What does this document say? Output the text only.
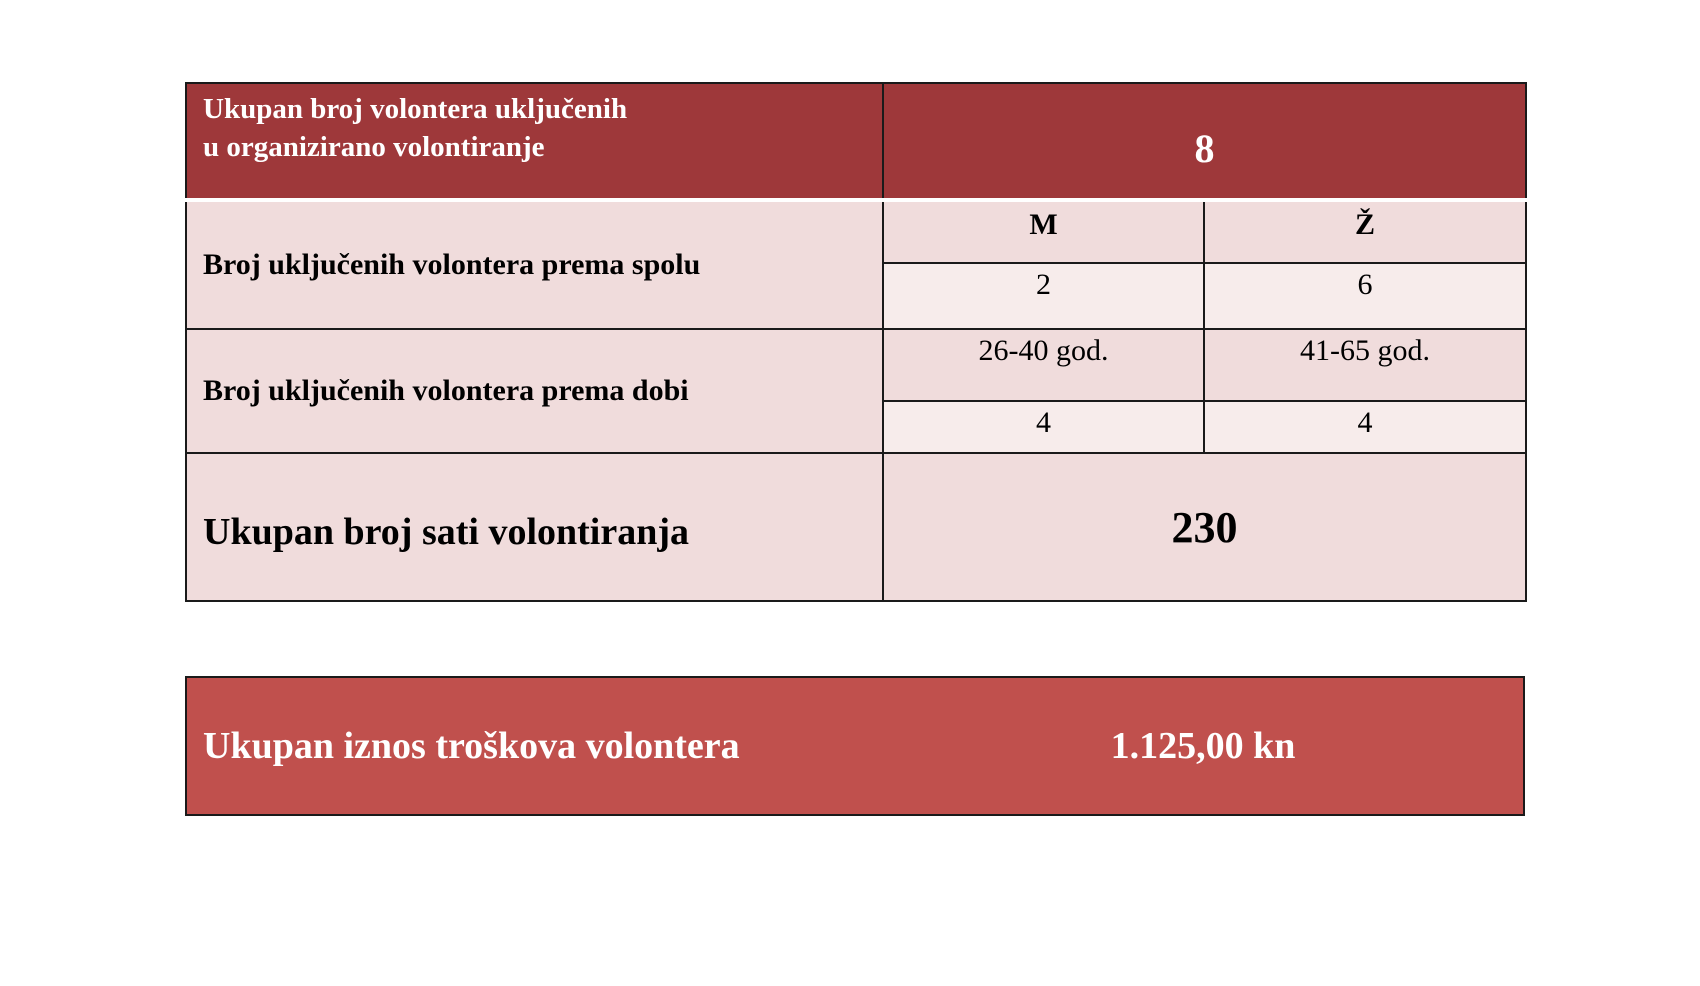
Ukupan broj volontera uključenih
u organizirano volontiranje	8	
Broj uključenih volontera prema spolu	M	Ž
	2	6
Broj uključenih volontera prema dobi	26-40 god.	41-65 god.
	4	4
Ukupan broj sati volontiranja	230	
Ukupan iznos troškova volontera	1.125,00 kn
